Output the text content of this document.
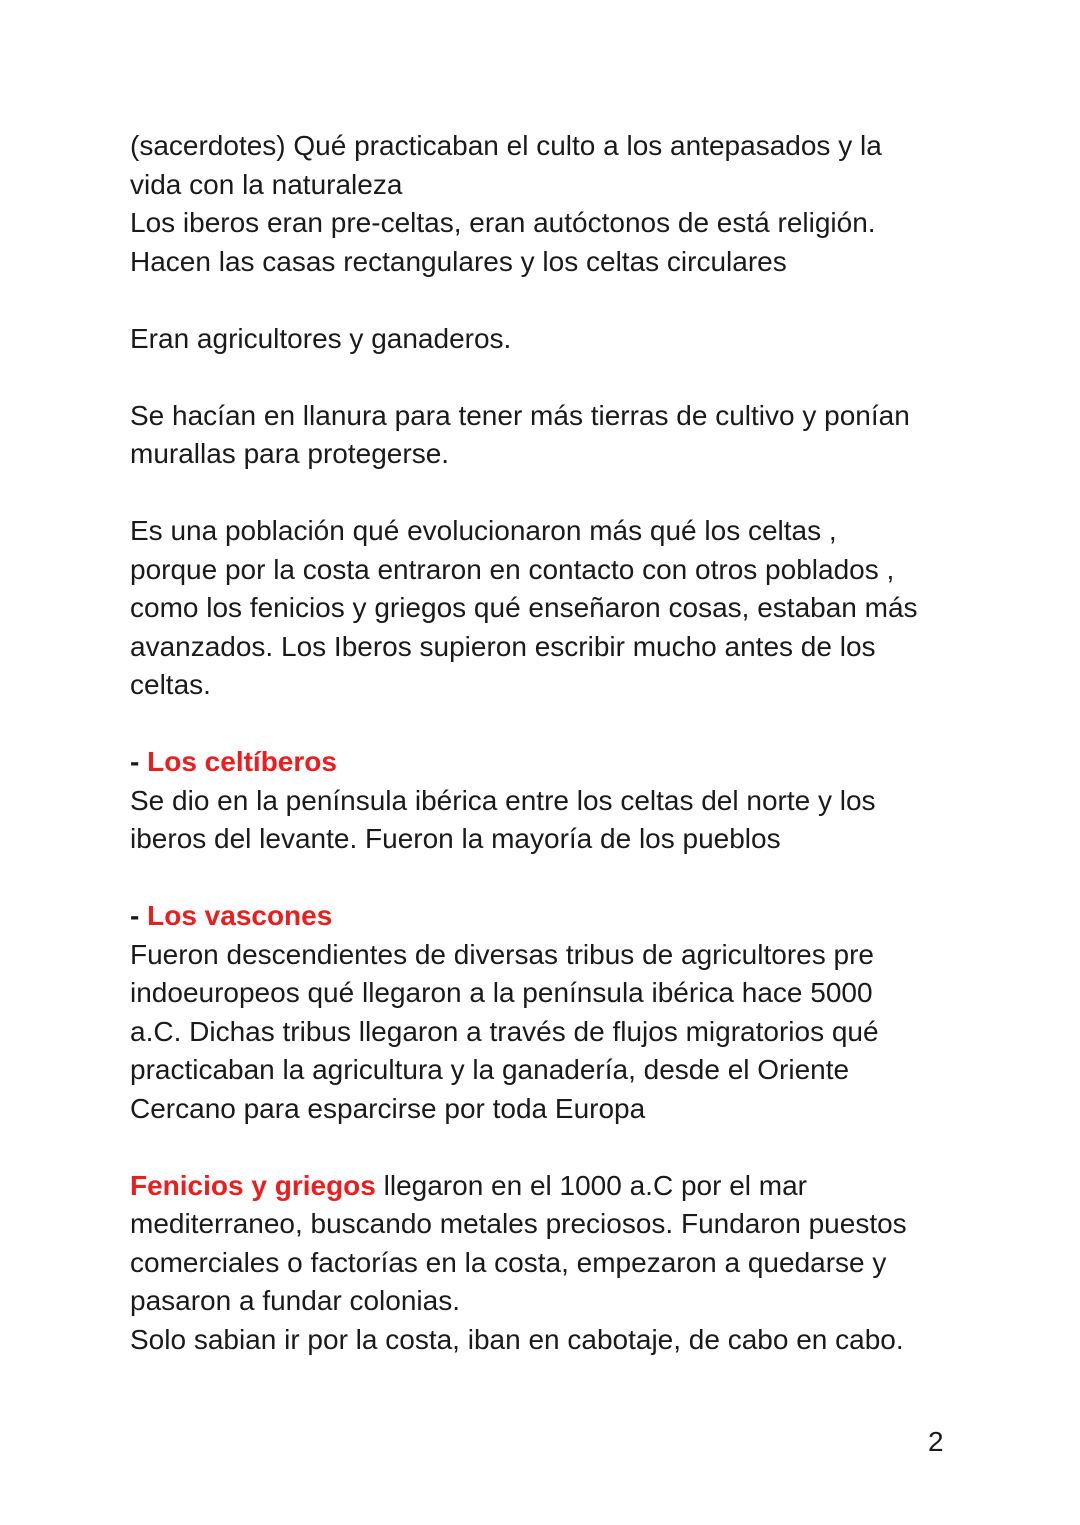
(sacerdotes) Qué practicaban el culto a los antepasados y la
vida con la naturaleza
Los iberos eran pre-celtas, eran autóctonos de está religión.
Hacen las casas rectangulares y los celtas circulares
Eran agricultores y ganaderos.
Se hacían en llanura para tener más tierras de cultivo y ponían
murallas para protegerse.
Es una población qué evolucionaron más qué los celtas ,
porque por la costa entraron en contacto con otros poblados ,
como los fenicios y griegos qué enseñaron cosas, estaban más
avanzados. Los Iberos supieron escribir mucho antes de los
celtas.
- Los celtíberos
Se dio en la península ibérica entre los celtas del norte y los
iberos del levante. Fueron la mayoría de los pueblos
- Los vascones
Fueron descendientes de diversas tribus de agricultores pre
indoeuropeos qué llegaron a la península ibérica hace 5000
a.C. Dichas tribus llegaron a través de flujos migratorios qué
practicaban la agricultura y la ganadería, desde el Oriente
Cercano para esparcirse por toda Europa
Fenicios y griegos llegaron en el 1000 a.C por el mar
mediterraneo, buscando metales preciosos. Fundaron puestos
comerciales o factorías en la costa, empezaron a quedarse y
pasaron a fundar colonias.
Solo sabian ir por la costa, iban en cabotaje, de cabo en cabo.
2
